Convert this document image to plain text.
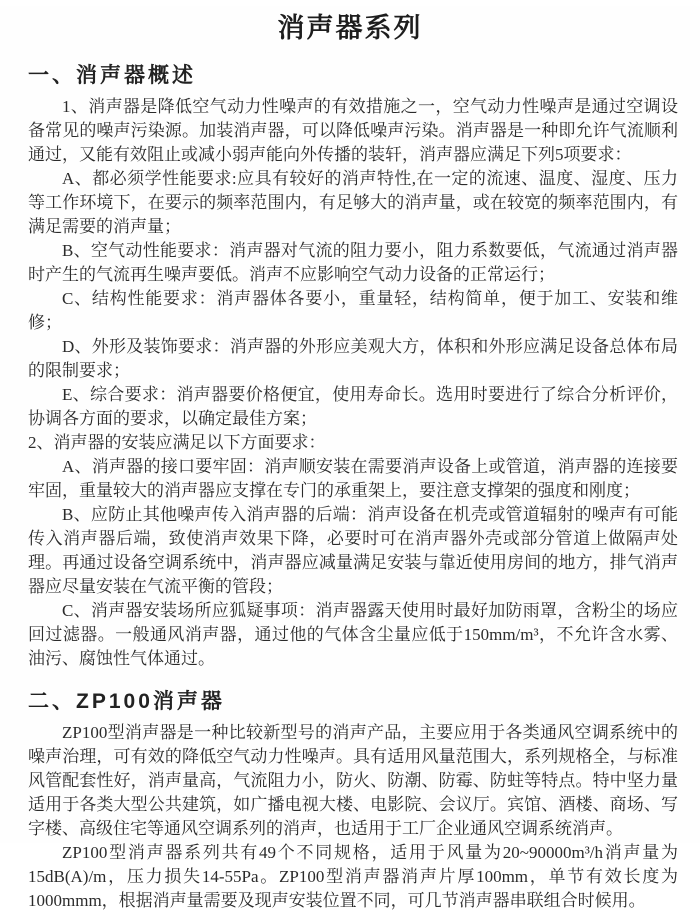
消声器系列
一、消声器概述

1、消声器是降低空气动力性噪声的有效措施之一，空气动力性噪声是通过空调设备常见的噪声污染源。加装消声器，可以降低噪声污染。消声器是一种即允许气流顺利通过，又能有效阻止或减小弱声能向外传播的装轩，消声器应满足下列5项要求：

A、都必须学性能要求:应具有较好的消声特性,在一定的流速、温度、湿度、压力等工作环境下，在要示的频率范围内，有足够大的消声量，或在较宽的频率范围内，有满足需要的消声量；

B、空气动性能要求：消声器对气流的阻力要小，阻力系数要低，气流通过消声器时产生的气流再生噪声要低。消声不应影响空气动力设备的正常运行；

C、结构性能要求：消声器体各要小，重量轻，结构简单，便于加工、安装和维修；

D、外形及装饰要求：消声器的外形应美观大方，体积和外形应满足设备总体布局的限制要求；

E、综合要求：消声器要价格便宜，使用寿命长。选用时要进行了综合分析评价，协调各方面的要求，以确定最佳方案；

2、消声器的安装应满足以下方面要求：

A、消声器的接口要牢固：消声顺安装在需要消声设备上或管道，消声器的连接要牢固，重量较大的消声器应支撑在专门的承重架上，要注意支撑架的强度和刚度；

B、应防止其他噪声传入消声器的后端：消声设备在机壳或管道辐射的噪声有可能传入消声器后端，致使消声效果下降，必要时可在消声器外壳或部分管道上做隔声处理。再通过设备空调系统中，消声器应减量满足安装与靠近使用房间的地方，排气消声器应尽量安装在气流平衡的管段；

C、消声器安装场所应狐疑事项：消声器露天使用时最好加防雨罩，含粉尘的场应回过滤器。一般通风消声器，通过他的气体含尘量应低于150mm/m³，不允许含水雾、油污、腐蚀性气体通过。

二、ZP100消声器

ZP100型消声器是一种比较新型号的消声产品，主要应用于各类通风空调系统中的噪声治理，可有效的降低空气动力性噪声。具有适用风量范围大，系列规格全，与标准风管配套性好，消声量高，气流阻力小，防火、防潮、防霉、防蛀等特点。特中坚力量适用于各类大型公共建筑，如广播电视大楼、电影院、会议厅。宾馆、酒楼、商场、写字楼、高级住宅等通风空调系列的消声，也适用于工厂企业通风空调系统消声。

ZP100型消声器系列共有49个不同规格，适用于风量为20~90000m³/h消声量为15dB(A)/m，压力损失14-55Pa。ZP100型消声器消声片厚100mm，单节有效长度为1000mmm，根据消声量需要及现声安装位置不同，可几节消声器串联组合时候用。
